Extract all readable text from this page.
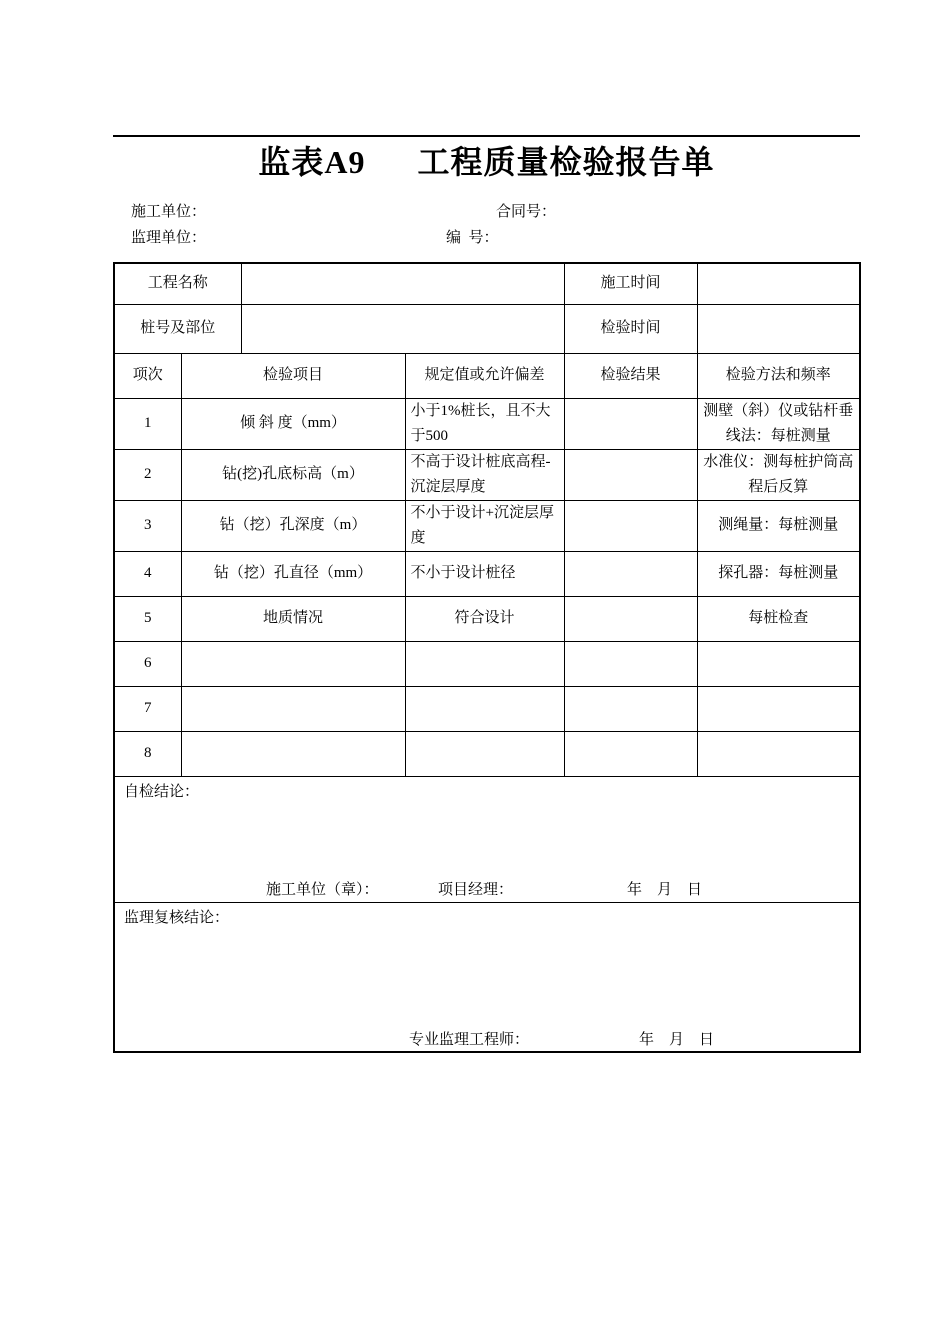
监表A9 工程质量检验报告单
施工单位：	合同号：
监理单位：	编  号：
工程名称				施工时间	
桩号及部位				检验时间	
项次	检验项目		规定值或允许偏差	检验结果	检验方法和频率
1	倾 斜 度（mm）		小于1%桩长，且不大于500		测壁（斜）仪或钻杆垂线法：每桩测量
2	钻(挖)孔底标高（m）		不高于设计桩底高程-沉淀层厚度		水准仪：测每桩护筒高程后反算
3	钻（挖）孔深度（m）		不小于设计+沉淀层厚度		测绳量：每桩测量
4	钻（挖）孔直径（mm）		不小于设计桩径		探孔器：每桩测量
5	地质情况		符合设计		每桩检查
6					
7					
8					

自检结论：
施工单位（章）： 项目经理： 年    月    日					

监理复核结论：
专业监理工程师： 年    月    日					
